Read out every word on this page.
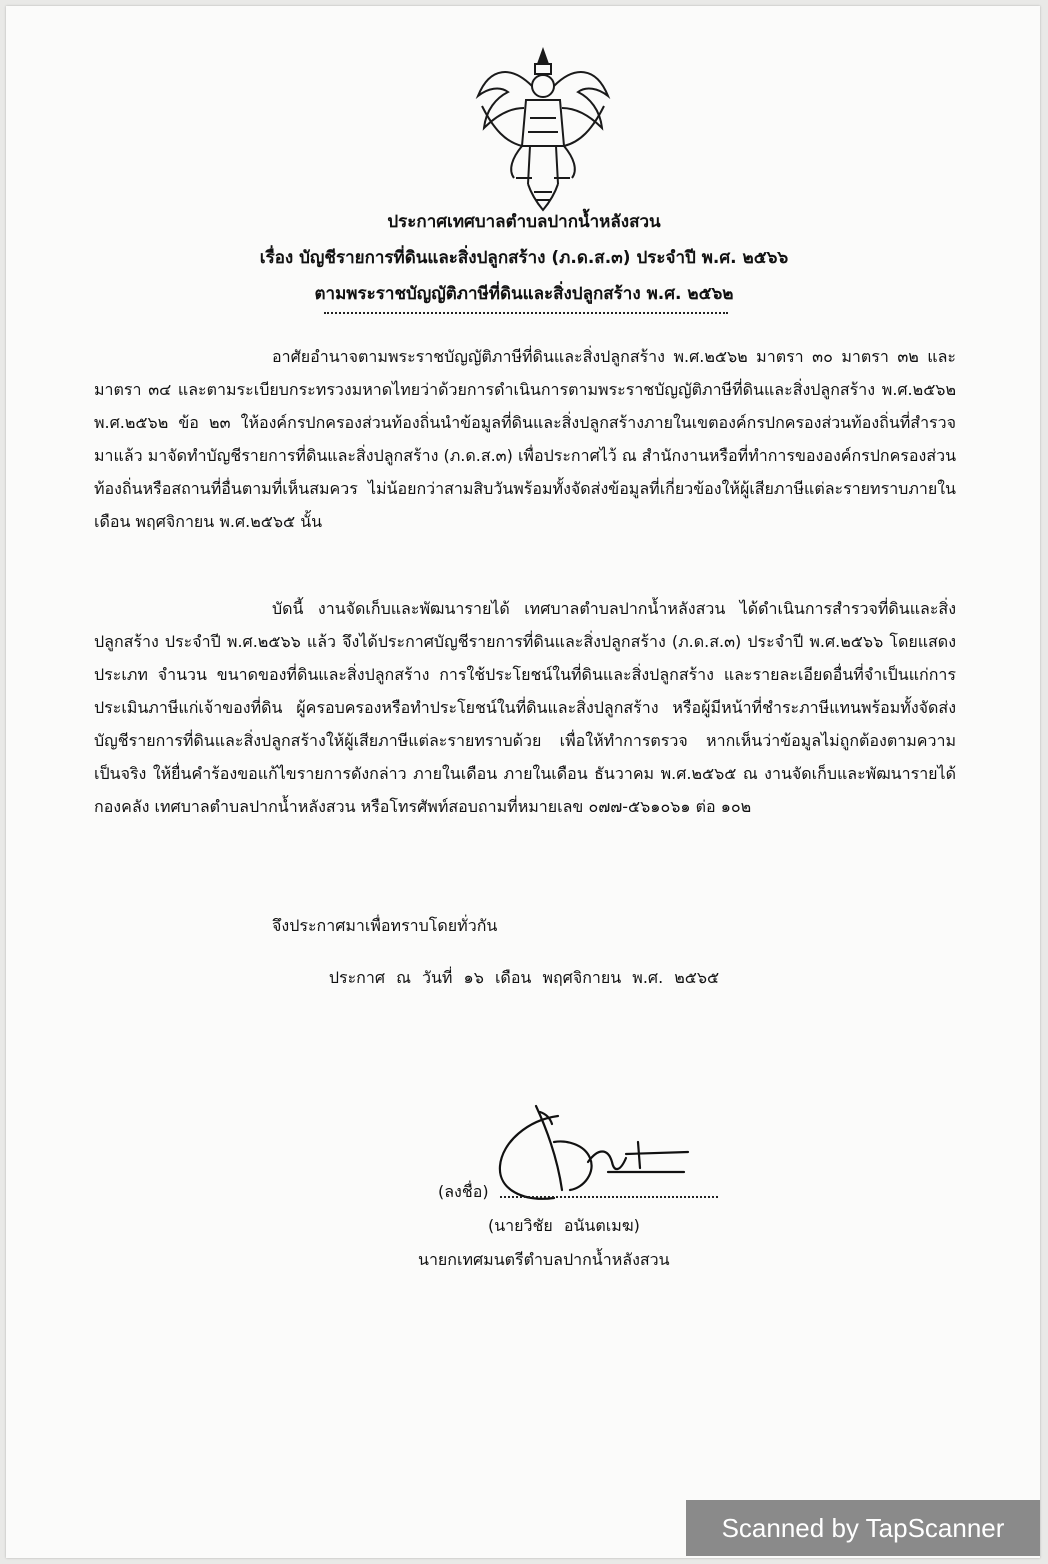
ประกาศเทศบาลตำบลปากน้ำหลังสวน
เรื่อง บัญชีรายการที่ดินและสิ่งปลูกสร้าง (ภ.ด.ส.๓) ประจำปี พ.ศ. ๒๕๖๖
ตามพระราชบัญญัติภาษีที่ดินและสิ่งปลูกสร้าง พ.ศ. ๒๕๖๒
อาศัยอำนาจตามพระราชบัญญัติภาษีที่ดินและสิ่งปลูกสร้าง พ.ศ.๒๕๖๒ มาตรา ๓๐ มาตรา ๓๒ และมาตรา ๓๔ และตามระเบียบกระทรวงมหาดไทยว่าด้วยการดำเนินการตามพระราชบัญญัติภาษีที่ดินและสิ่งปลูกสร้าง พ.ศ.๒๕๖๒ พ.ศ.๒๕๖๒ ข้อ ๒๓ ให้องค์กรปกครองส่วนท้องถิ่นนำข้อมูลที่ดินและสิ่งปลูกสร้างภายในเขตองค์กรปกครองส่วนท้องถิ่นที่สำรวจมาแล้ว มาจัดทำบัญชีรายการที่ดินและสิ่งปลูกสร้าง (ภ.ด.ส.๓) เพื่อประกาศไว้ ณ สำนักงานหรือที่ทำการขององค์กรปกครองส่วนท้องถิ่นหรือสถานที่อื่นตามที่เห็นสมควร ไม่น้อยกว่าสามสิบวันพร้อมทั้งจัดส่งข้อมูลที่เกี่ยวข้องให้ผู้เสียภาษีแต่ละรายทราบภายในเดือน พฤศจิกายน พ.ศ.๒๕๖๕ นั้น
บัดนี้ งานจัดเก็บและพัฒนารายได้ เทศบาลตำบลปากน้ำหลังสวน ได้ดำเนินการสำรวจที่ดินและสิ่งปลูกสร้าง ประจำปี พ.ศ.๒๕๖๖ แล้ว จึงได้ประกาศบัญชีรายการที่ดินและสิ่งปลูกสร้าง (ภ.ด.ส.๓) ประจำปี พ.ศ.๒๕๖๖ โดยแสดง ประเภท จำนวน ขนาดของที่ดินและสิ่งปลูกสร้าง การใช้ประโยชน์ในที่ดินและสิ่งปลูกสร้าง และรายละเอียดอื่นที่จำเป็นแก่การประเมินภาษีแก่เจ้าของที่ดิน ผู้ครอบครองหรือทำประโยชน์ในที่ดินและสิ่งปลูกสร้าง หรือผู้มีหน้าที่ชำระภาษีแทนพร้อมทั้งจัดส่งบัญชีรายการที่ดินและสิ่งปลูกสร้างให้ผู้เสียภาษีแต่ละรายทราบด้วย เพื่อให้ทำการตรวจ หากเห็นว่าข้อมูลไม่ถูกต้องตามความเป็นจริง ให้ยื่นคำร้องขอแก้ไขรายการดังกล่าว ภายในเดือน ภายในเดือน ธันวาคม พ.ศ.๒๕๖๕ ณ งานจัดเก็บและพัฒนารายได้ กองคลัง เทศบาลตำบลปากน้ำหลังสวน หรือโทรศัพท์สอบถามที่หมายเลข ๐๗๗-๕๖๑๐๖๑ ต่อ ๑๐๒
จึงประกาศมาเพื่อทราบโดยทั่วกัน
ประกาศ ณ วันที่ ๑๖ เดือน พฤศจิกายน พ.ศ. ๒๕๖๕
(ลงชื่อ)
(นายวิชัย อนันตเมฆ)
นายกเทศมนตรีตำบลปากน้ำหลังสวน
Scanned by TapScanner
